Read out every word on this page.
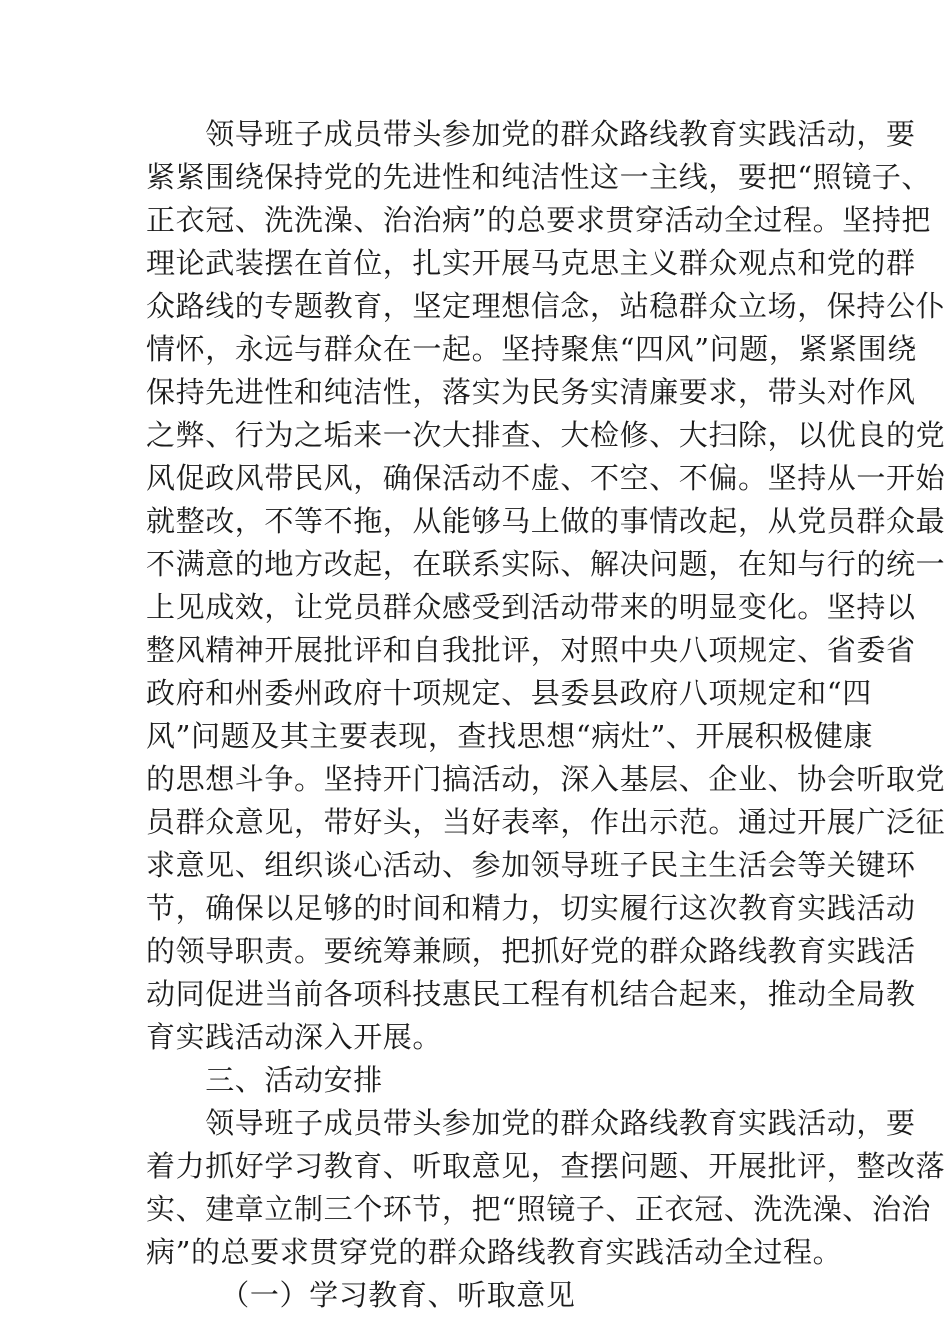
　　领导班子成员带头参加党的群众路线教育实践活动，要
紧紧围绕保持党的先进性和纯洁性这一主线，要把“照镜子、
正衣冠、洗洗澡、治治病”的总要求贯穿活动全过程。坚持把
理论武装摆在首位，扎实开展马克思主义群众观点和党的群
众路线的专题教育，坚定理想信念，站稳群众立场，保持公仆
情怀，永远与群众在一起。坚持聚焦“四风”问题，紧紧围绕
保持先进性和纯洁性，落实为民务实清廉要求，带头对作风
之弊、行为之垢来一次大排查、大检修、大扫除，以优良的党
风促政风带民风，确保活动不虚、不空、不偏。坚持从一开始
就整改，不等不拖，从能够马上做的事情改起，从党员群众最
不满意的地方改起，在联系实际、解决问题，在知与行的统一
上见成效，让党员群众感受到活动带来的明显变化。坚持以
整风精神开展批评和自我批评，对照中央八项规定、省委省
政府和州委州政府十项规定、县委县政府八项规定和“四
风”问题及其主要表现，查找思想“病灶”、开展积极健康
的思想斗争。坚持开门搞活动，深入基层、企业、协会听取党
员群众意见，带好头，当好表率，作出示范。通过开展广泛征
求意见、组织谈心活动、参加领导班子民主生活会等关键环
节，确保以足够的时间和精力，切实履行这次教育实践活动
的领导职责。要统筹兼顾，把抓好党的群众路线教育实践活
动同促进当前各项科技惠民工程有机结合起来，推动全局教
育实践活动深入开展。
　　三、活动安排
　　领导班子成员带头参加党的群众路线教育实践活动，要
着力抓好学习教育、听取意见，查摆问题、开展批评，整改落
实、建章立制三个环节，把“照镜子、正衣冠、洗洗澡、治治
病”的总要求贯穿党的群众路线教育实践活动全过程。
　　　（一）学习教育、听取意见
